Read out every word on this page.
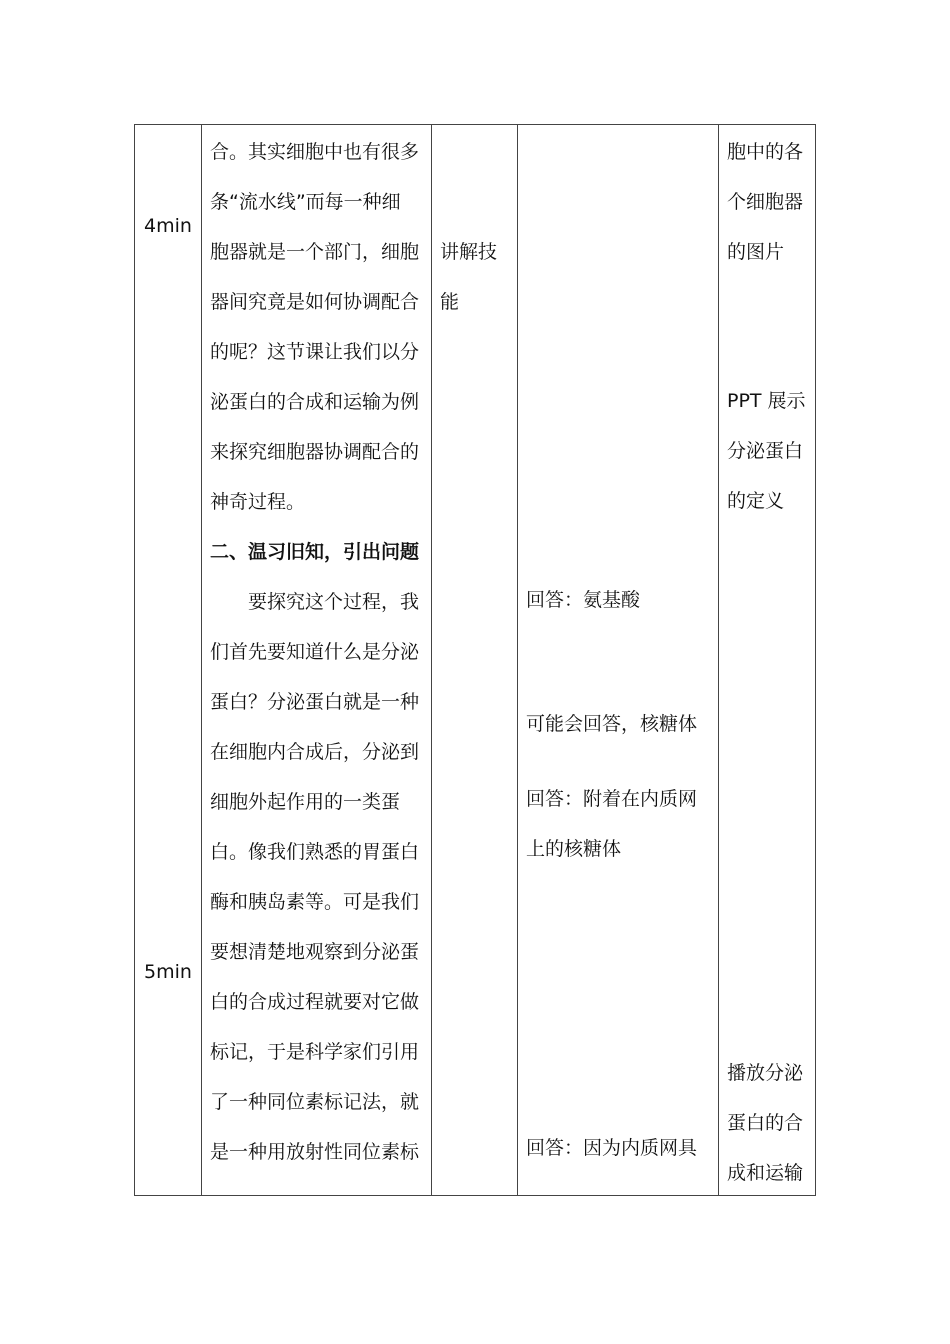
4min
5min
合。其实细胞中也有很多
条“流水线”而每一种细
胞器就是一个部门，细胞
器间究竟是如何协调配合
的呢？这节课让我们以分
泌蛋白的合成和运输为例
来探究细胞器协调配合的
神奇过程。
二、温习旧知，引出问题
　　要探究这个过程，我
们首先要知道什么是分泌
蛋白？分泌蛋白就是一种
在细胞内合成后，分泌到
细胞外起作用的一类蛋
白。像我们熟悉的胃蛋白
酶和胰岛素等。可是我们
要想清楚地观察到分泌蛋
白的合成过程就要对它做
标记，于是科学家们引用
了一种同位素标记法，就
是一种用放射性同位素标
讲解技
能
回答：氨基酸
可能会回答，核糖体
回答：附着在内质网
上的核糖体
回答：因为内质网具
胞中的各
个细胞器
的图片
PPT 展示
分泌蛋白
的定义
播放分泌
蛋白的合
成和运输
